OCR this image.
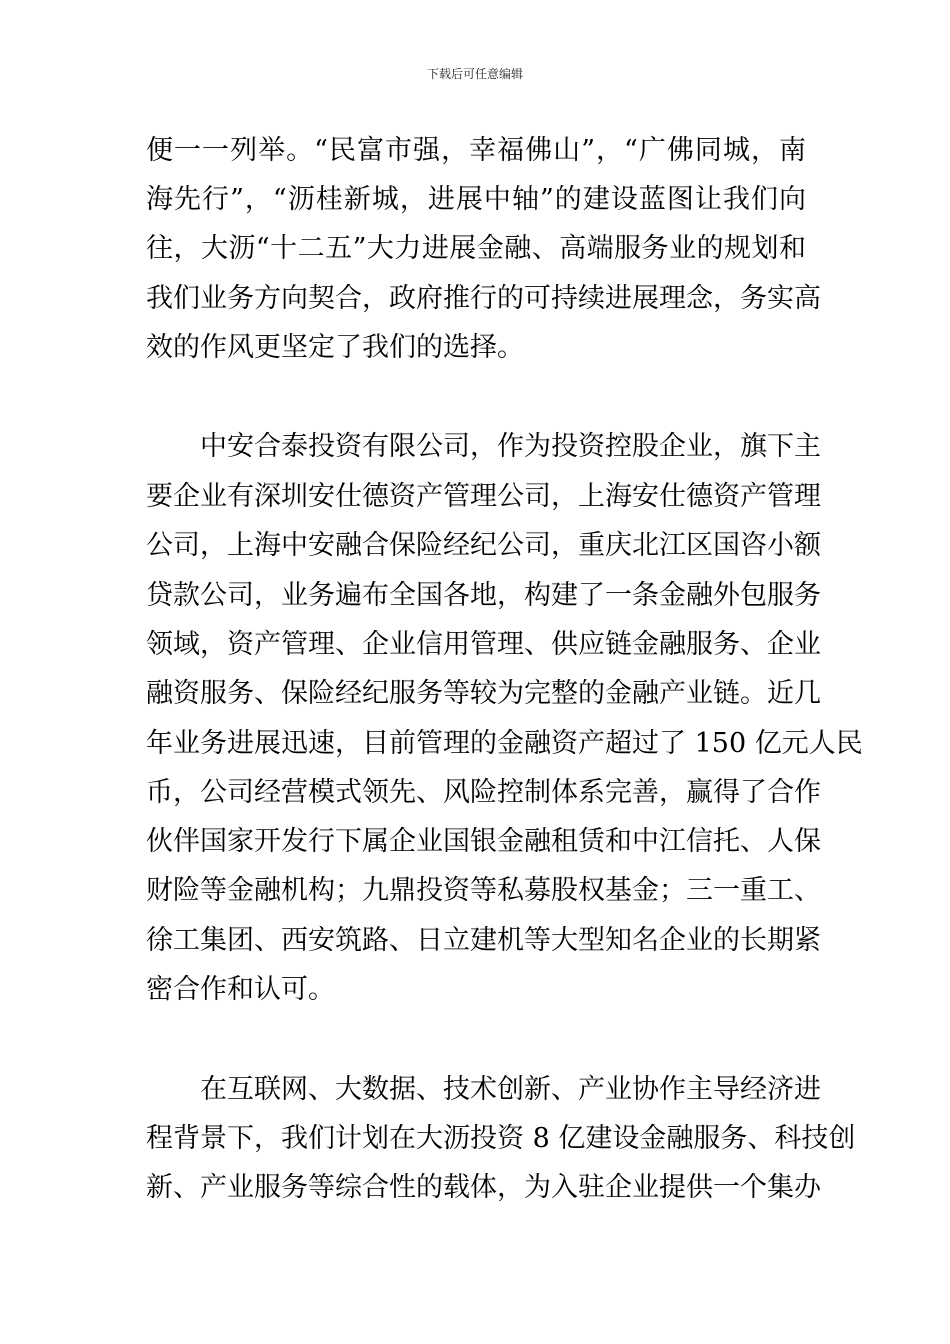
下载后可任意编辑
便一一列举。“民富市强，幸福佛山”，“广佛同城，南
海先行”，“沥桂新城，进展中轴”的建设蓝图让我们向
往，大沥“十二五”大力进展金融、高端服务业的规划和
我们业务方向契合，政府推行的可持续进展理念，务实高
效的作风更坚定了我们的选择。
中安合泰投资有限公司，作为投资控股企业，旗下主
要企业有深圳安仕德资产管理公司，上海安仕德资产管理
公司，上海中安融合保险经纪公司，重庆北江区国咨小额
贷款公司，业务遍布全国各地，构建了一条金融外包服务
领域，资产管理、企业信用管理、供应链金融服务、企业
融资服务、保险经纪服务等较为完整的金融产业链。近几
年业务进展迅速，目前管理的金融资产超过了 150 亿元人民
币，公司经营模式领先、风险控制体系完善，赢得了合作
伙伴国家开发行下属企业国银金融租赁和中江信托、人保
财险等金融机构；九鼎投资等私募股权基金；三一重工、
徐工集团、西安筑路、日立建机等大型知名企业的长期紧
密合作和认可。
在互联网、大数据、技术创新、产业协作主导经济进
程背景下，我们计划在大沥投资 8 亿建设金融服务、科技创
新、产业服务等综合性的载体，为入驻企业提供一个集办
